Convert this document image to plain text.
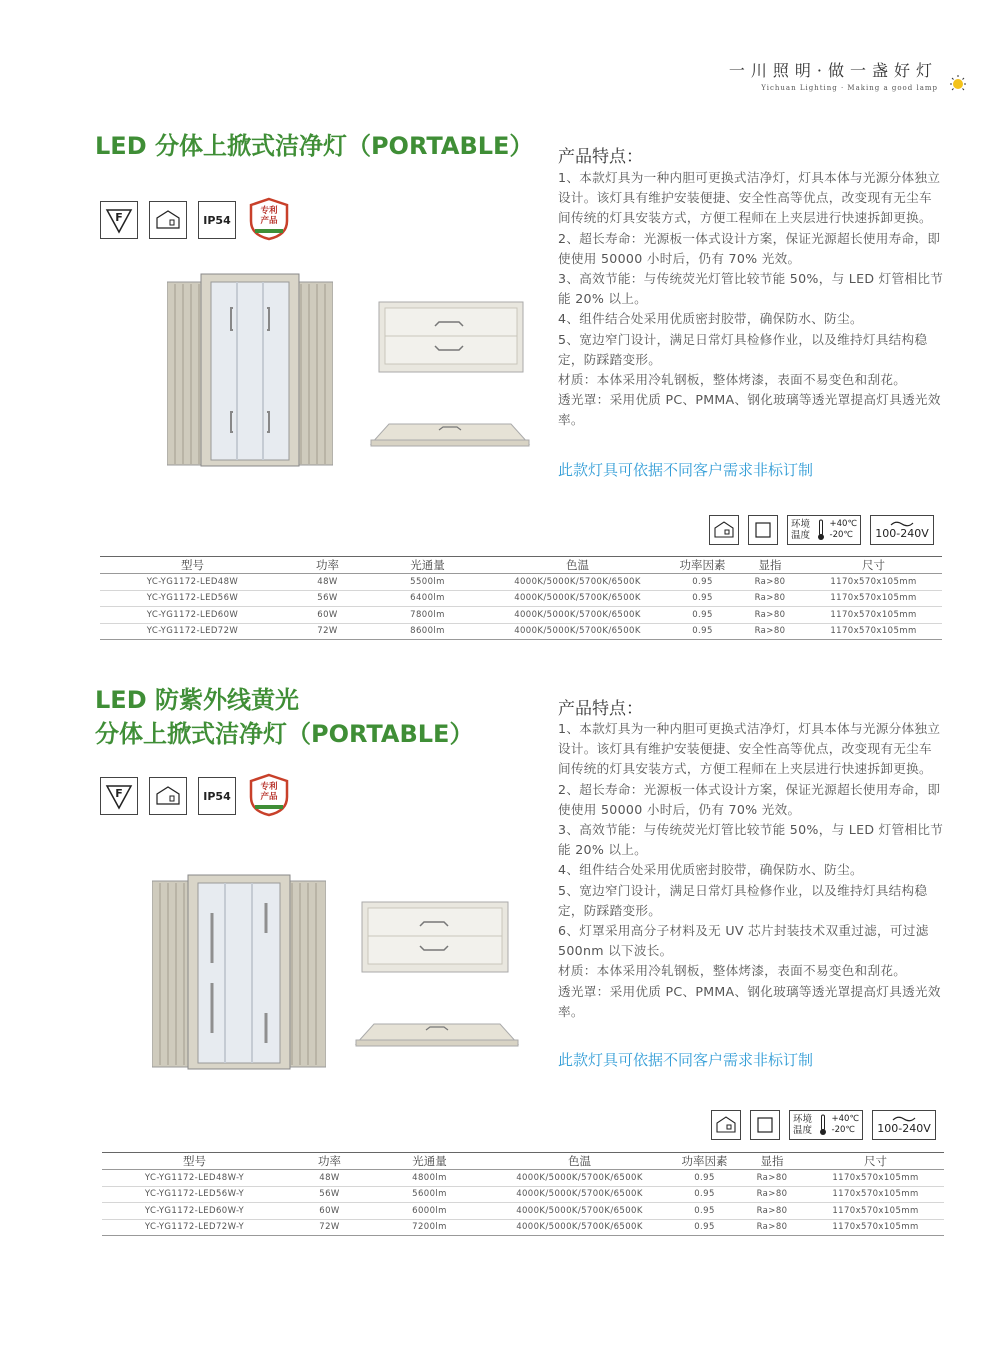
一川照明·做一盏好灯
Yichuan Lighting · Making a good lamp
LED 分体上掀式洁净灯（PORTABLE）
F	IP54
专利
产品
产品特点：

1、本款灯具为一种内胆可更换式洁净灯，灯具本体与光源分体独立设计。该灯具有维护安装便捷、安全性高等优点，改变现有无尘车间传统的灯具安装方式，方便工程师在上夹层进行快速拆卸更换。

2、超长寿命：光源板一体式设计方案，保证光源超长使用寿命，即使使用 50000 小时后，仍有 70% 光效。

3、高效节能：与传统荧光灯管比较节能 50%，与 LED 灯管相比节能 20% 以上。

4、组件结合处采用优质密封胶带，确保防水、防尘。

5、宽边窄门设计，满足日常灯具检修作业，以及维持灯具结构稳定，防踩踏变形。

材质：本体采用冷轧钢板，整体烤漆，表面不易变色和刮花。

透光罩：采用优质 PC、PMMA、钢化玻璃等透光罩提高灯具透光效率。

此款灯具可依据不同客户需求非标订制
环境温度
+40℃
-20℃	100-240V
型号	功率	光通量	色温	功率因素	显指	尺寸
YC-YG1172-LED48W	48W	5500lm	4000K/5000K/5700K/6500K	0.95	Ra>80	1170x570x105mm
YC-YG1172-LED56W	56W	6400lm	4000K/5000K/5700K/6500K	0.95	Ra>80	1170x570x105mm
YC-YG1172-LED60W	60W	7800lm	4000K/5000K/5700K/6500K	0.95	Ra>80	1170x570x105mm
YC-YG1172-LED72W	72W	8600lm	4000K/5000K/5700K/6500K	0.95	Ra>80	1170x570x105mm
LED 防紫外线黄光
分体上掀式洁净灯（PORTABLE）
F	IP54
专利
产品
产品特点：

1、本款灯具为一种内胆可更换式洁净灯，灯具本体与光源分体独立设计。该灯具有维护安装便捷、安全性高等优点，改变现有无尘车间传统的灯具安装方式，方便工程师在上夹层进行快速拆卸更换。

2、超长寿命：光源板一体式设计方案，保证光源超长使用寿命，即使使用 50000 小时后，仍有 70% 光效。

3、高效节能：与传统荧光灯管比较节能 50%，与 LED 灯管相比节能 20% 以上。

4、组件结合处采用优质密封胶带，确保防水、防尘。

5、宽边窄门设计，满足日常灯具检修作业，以及维持灯具结构稳定，防踩踏变形。

6、灯罩采用高分子材料及无 UV 芯片封装技术双重过滤，可过滤 500nm 以下波长。

材质：本体采用冷轧钢板，整体烤漆，表面不易变色和刮花。

透光罩：采用优质 PC、PMMA、钢化玻璃等透光罩提高灯具透光效率。

此款灯具可依据不同客户需求非标订制
环境温度
+40℃
-20℃	100-240V
型号	功率	光通量	色温	功率因素	显指	尺寸
YC-YG1172-LED48W-Y	48W	4800lm	4000K/5000K/5700K/6500K	0.95	Ra>80	1170x570x105mm
YC-YG1172-LED56W-Y	56W	5600lm	4000K/5000K/5700K/6500K	0.95	Ra>80	1170x570x105mm
YC-YG1172-LED60W-Y	60W	6000lm	4000K/5000K/5700K/6500K	0.95	Ra>80	1170x570x105mm
YC-YG1172-LED72W-Y	72W	7200lm	4000K/5000K/5700K/6500K	0.95	Ra>80	1170x570x105mm
